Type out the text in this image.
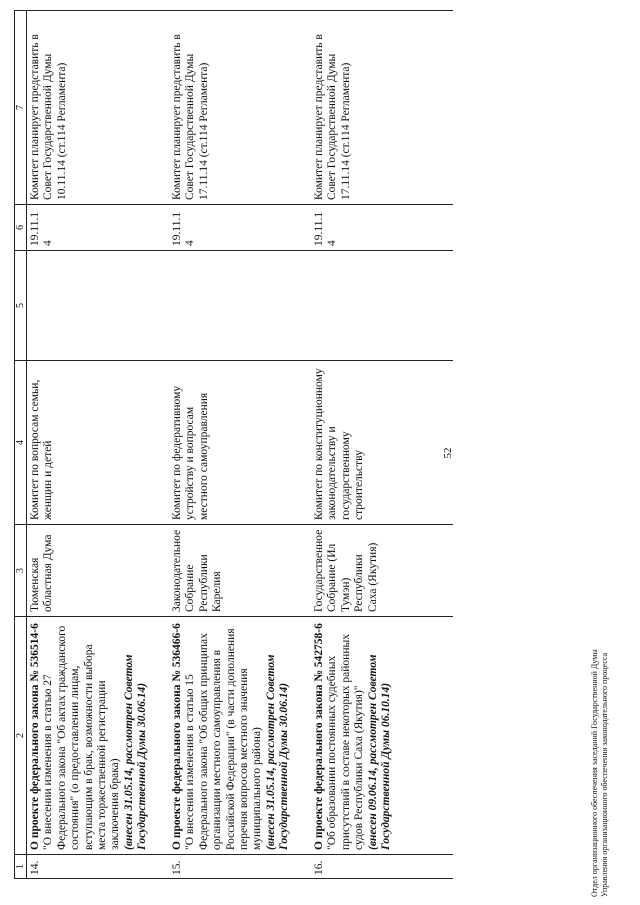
1	2	3	4	5	6	7
14.	О проекте федерального закона № 536514-6 "О внесении изменения в статью 27 Федерального закона "Об актах гражданского состояния" (о предоставлении лицам, вступающим в брак, возможности выбора места торжественной регистрации заключения брака) (внесен 31.05.14, рассмотрен Советом Государственной Думы 30.06.14)	Тюменская областная Дума	Комитет по вопросам семьи, женщин и детей		19.11.14	Комитет планирует представить в Совет Государственной Думы 10.11.14 (ст.114 Регламента)
15.	О проекте федерального закона № 536466-6 "О внесении изменения в статью 15 Федерального закона "Об общих принципах организации местного самоуправления в Российской Федерации" (в части дополнения перечня вопросов местного значения муниципального района) (внесен 31.05.14, рассмотрен Советом Государственной Думы 30.06.14)	Законодательное Собрание Республики Карелия	Комитет по федеративному устройству и вопросам местного самоуправления		19.11.14	Комитет планирует представить в Совет Государственной Думы 17.11.14 (ст.114 Регламента)
16.	О проекте федерального закона № 542758-6 "Об образовании постоянных судебных присутствий в составе некоторых районных судов Республики Саха (Якутия)" (внесен 09.06.14, рассмотрен Советом Государственной Думы 06.10.14)	Государственное Собрание (Ил Тумэн) Республики Саха (Якутия)	Комитет по конституционному законодательству и государственному строительству		19.11.14	Комитет планирует представить в Совет Государственной Думы 17.11.14 (ст.114 Регламента)
52
Отдел организационного обеспечения заседаний Государственной Думы Управления организационного обеспечения законодательного процесса
